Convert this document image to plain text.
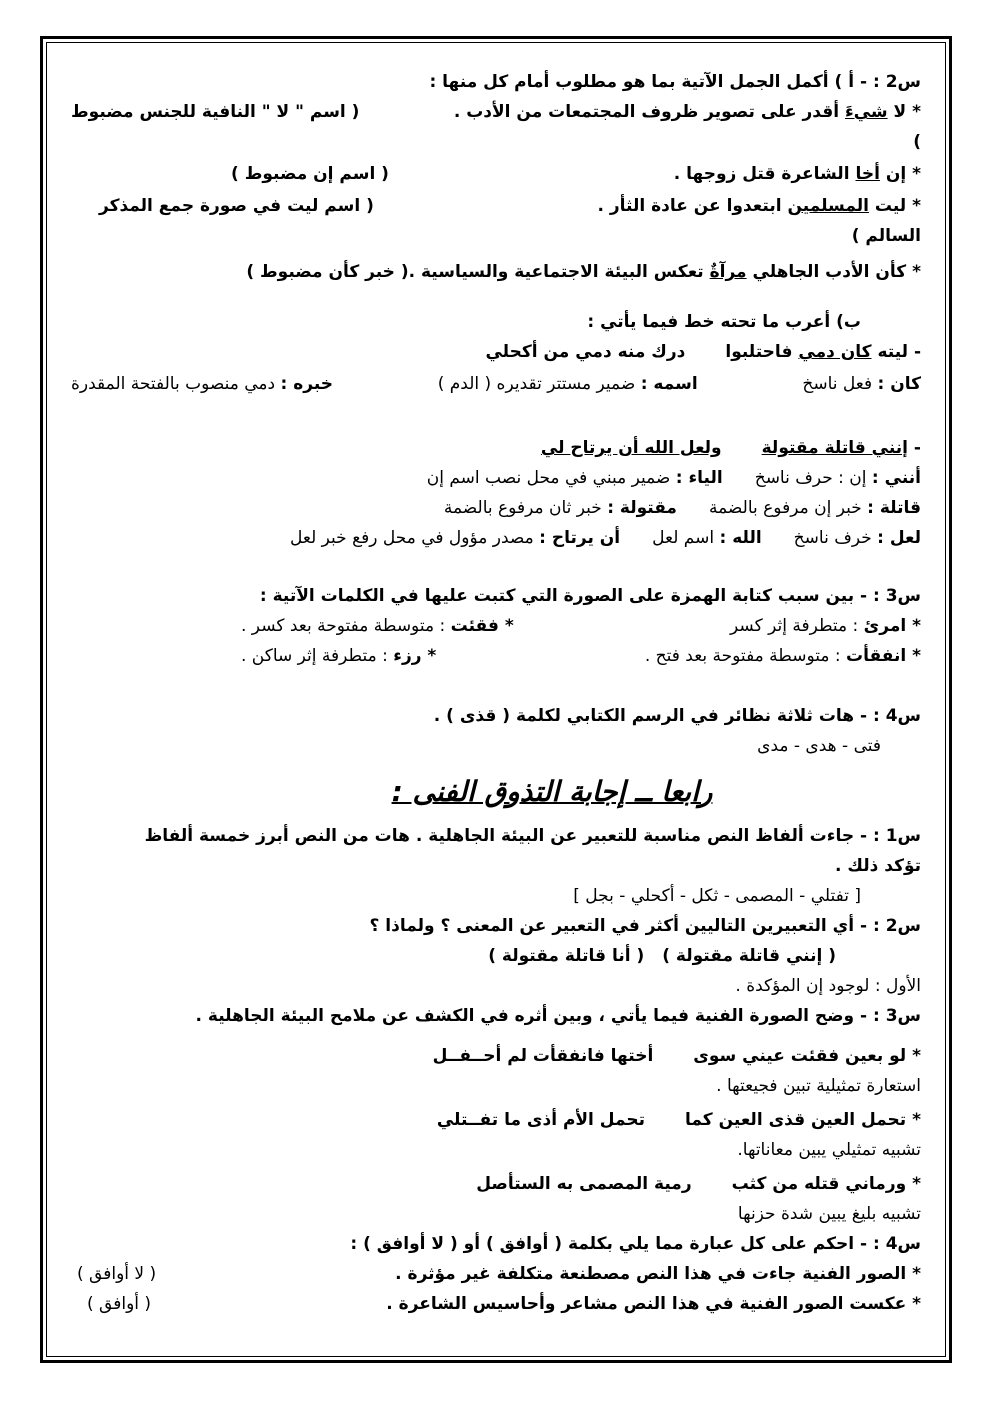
س2 : - أ ) أكمل الجمل الآتية بما هو مطلوب أمام كل منها :
* لا شيءَ أقدر على تصوير ظروف المجتمعات من الأدب .
( اسم " لا " النافية للجنس مضبوط
)
* إن أخا الشاعرة قتل زوجها .
( اسم إن مضبوط )
* ليت المسلمين ابتعدوا عن عادة الثأر .
( اسم ليت في صورة جمع المذكر
السالم )
* كأن الأدب الجاهلي مرآةٌ تعكس البيئة الاجتماعية والسياسية .
( خبر كأن مضبوط )
ب) أعرب ما تحته خط فيما يأتي :
- ليته كان دمي فاحتلبوادرك منه دمي من أكحلي
كان : فعل ناسخ
اسمه : ضمير مستتر تقديره ( الدم )
خبره : دمي منصوب بالفتحة المقدرة
- إنني قاتلة مقتولةولعل الله أن يرتاح لي
أنني : إن : حرف ناسخالياء : ضمير مبني في محل نصب اسم إن
قاتلة : خبر إن مرفوع بالضمةمقتولة : خبر ثان مرفوع بالضمة
لعل : خرف ناسخالله : اسم لعلأن يرتاح : مصدر مؤول في محل رفع خبر لعل
س3 : - بين سبب كتابة الهمزة على الصورة التي كتبت عليها في الكلمات الآتية :
* امرئ : متطرفة إثر كسر
* فقئت : متوسطة مفتوحة بعد كسر .
* انفقأت : متوسطة مفتوحة بعد فتح .
* رزء : متطرفة إثر ساكن .
س4 : - هات ثلاثة نظائر في الرسم الكتابي لكلمة ( قذى ) .
فتى - هدى - مدى
رابعا ــ إجابة التذوق الفنى :
س1 : - جاءت ألفاظ النص مناسبة للتعبير عن البيئة الجاهلية . هات من النص أبرز خمسة ألفاظ
تؤكد ذلك .
[ تفتلي - المصمى - ثكل - أكحلي - بجل ]
س2 : - أي التعبيرين التاليين أكثر في التعبير عن المعنى ؟ ولماذا ؟
( إنني قاتلة مقتولة )( أنا قاتلة مقتولة )
الأول : لوجود إن المؤكدة .
س3 : - وضح الصورة الفنية فيما يأتي ، وبين أثره في الكشف عن ملامح البيئة الجاهلية .
* لو بعين فقئت عيني سوىأختها فانفقأت لم أحــفــل
استعارة تمثيلية تبين فجيعتها .
* تحمل العين قذى العين كماتحمل الأم أذى ما تفــتلي
تشبيه تمثيلي يبين معاناتها.
* ورماني قتله من كثبرمية المصمى به الستأصل
تشبيه بليغ يبين شدة حزنها
س4 : - احكم على كل عبارة مما يلي بكلمة ( أوافق ) أو ( لا أوافق ) :
* الصور الفنية جاءت في هذا النص مصطنعة متكلفة غير مؤثرة .
( لا أوافق )
* عكست الصور الفنية في هذا النص مشاعر وأحاسيس الشاعرة .
( أوافق )
